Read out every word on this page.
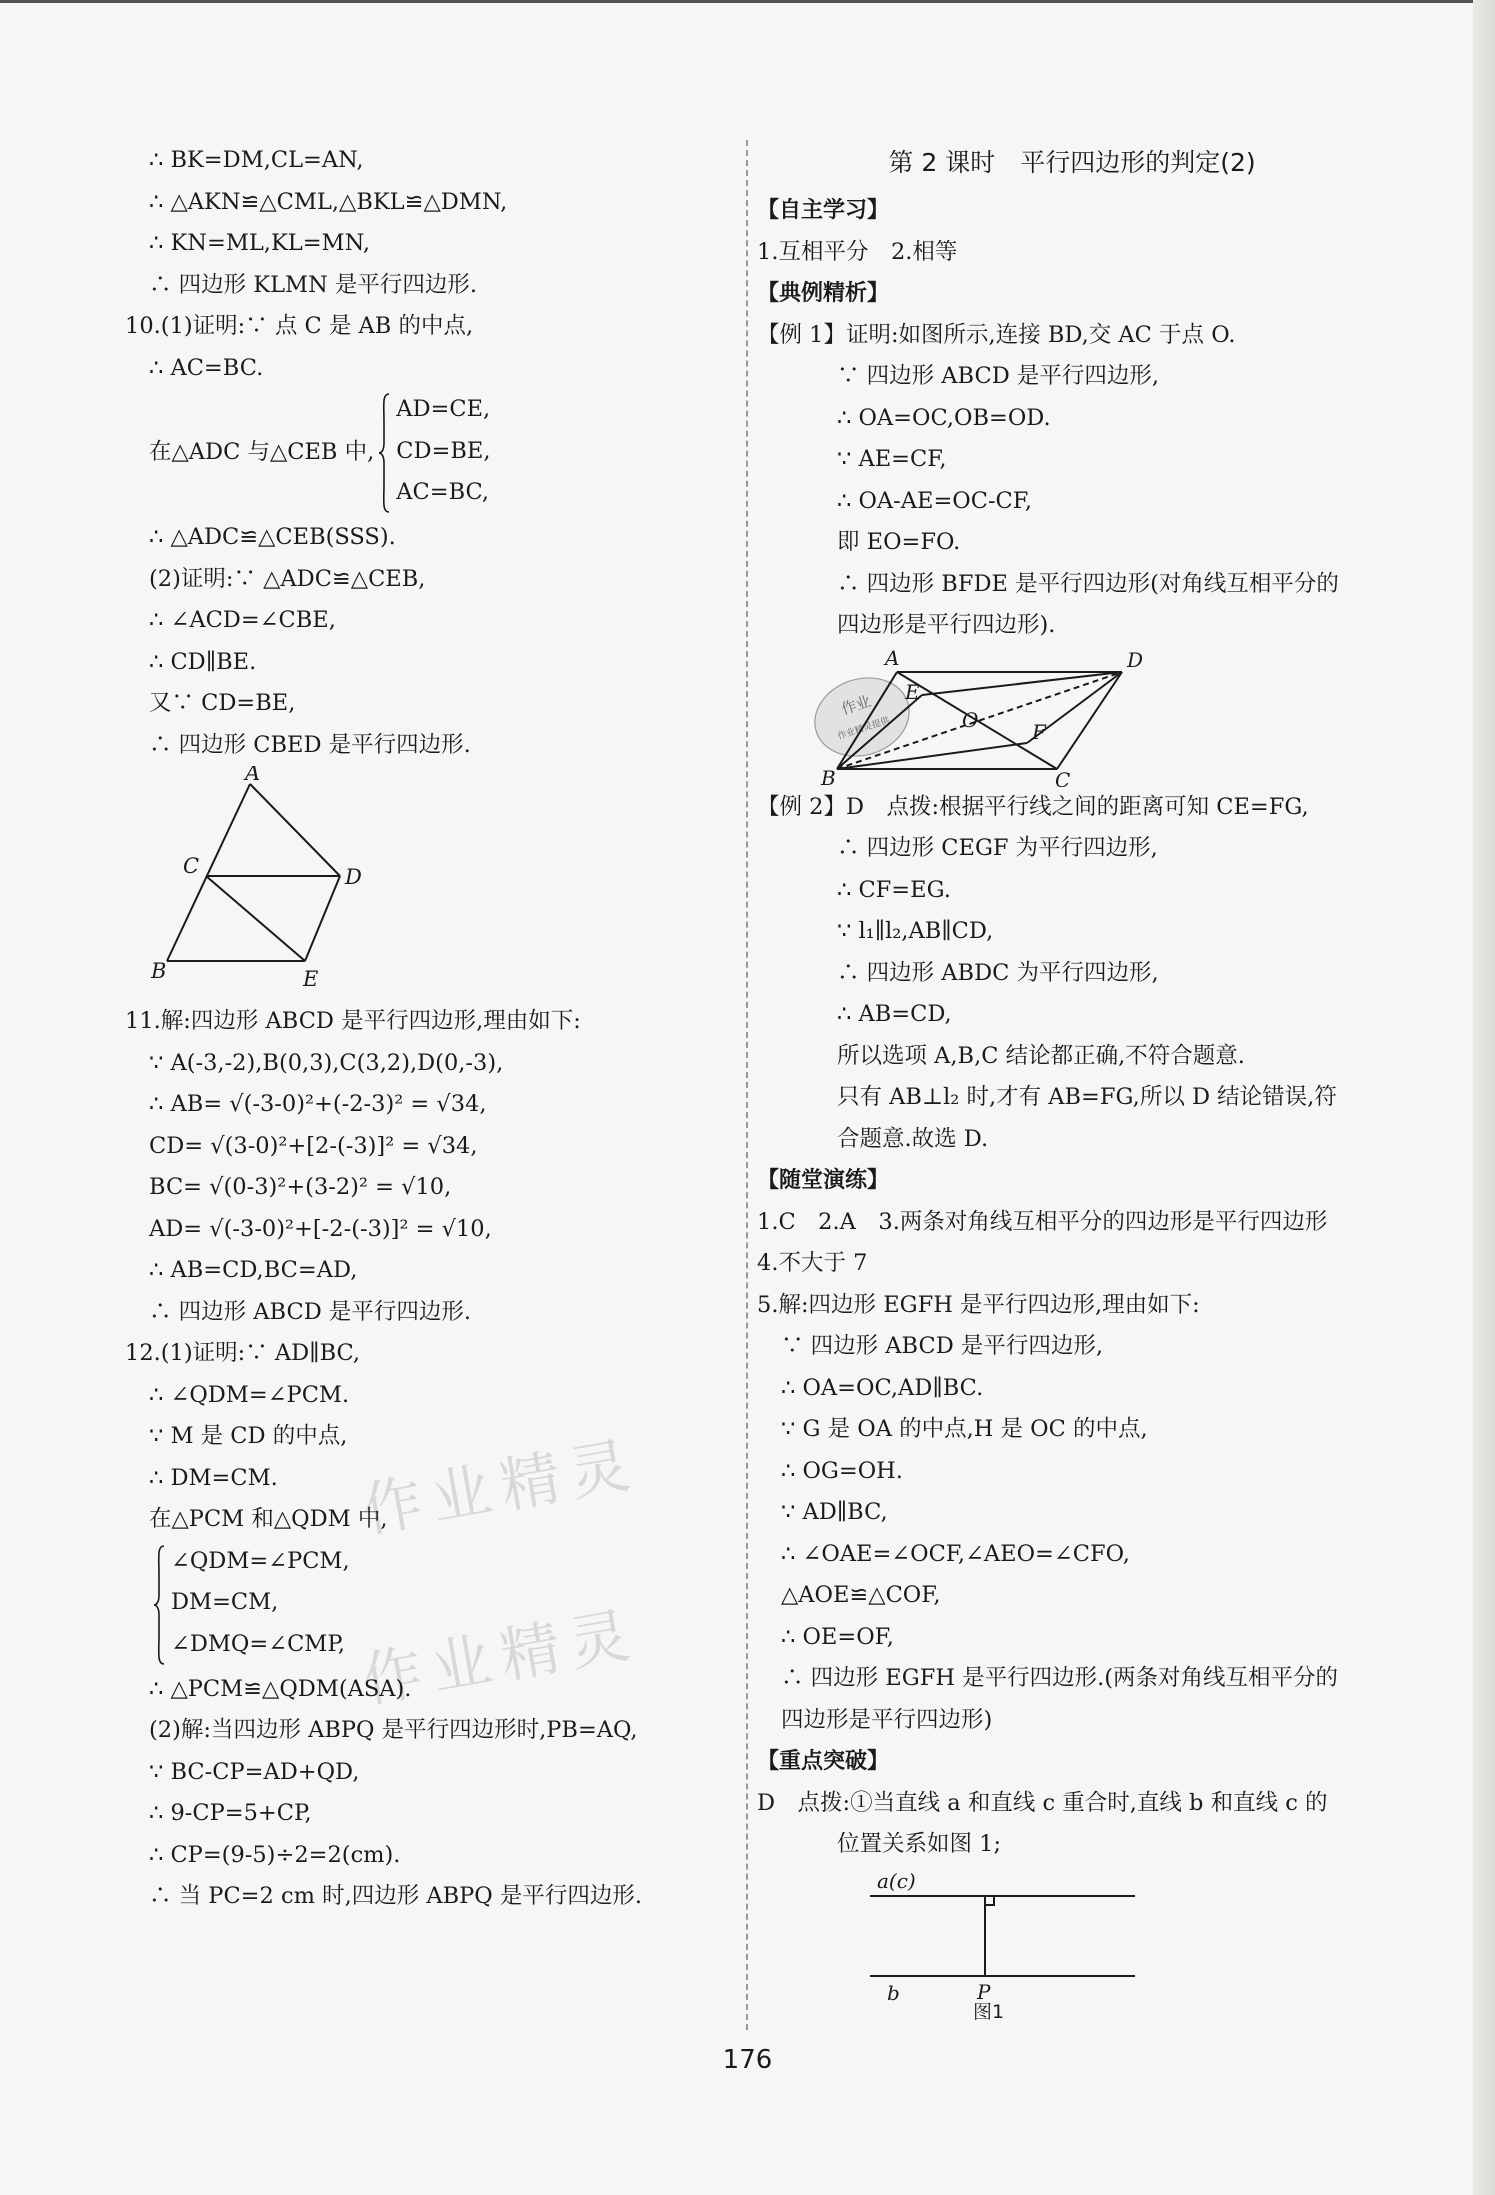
∴ BK=DM,CL=AN,
∴ △AKN≌△CML,△BKL≌△DMN,
∴ KN=ML,KL=MN,
∴ 四边形 KLMN 是平行四边形.
10.(1)证明:∵ 点 C 是 AB 的中点,
∴ AC=BC.
在△ADC 与△CEB 中,
AD=CE,
CD=BE,
AC=BC,
∴ △ADC≌△CEB(SSS).
(2)证明:∵ △ADC≌△CEB,
∴ ∠ACD=∠CBE,
∴ CD∥BE.
又∵ CD=BE,
∴ 四边形 CBED 是平行四边形.
A
C	D
B	E
11.解:四边形 ABCD 是平行四边形,理由如下:
∵ A(-3,-2),B(0,3),C(3,2),D(0,-3),
∴ AB= √(-3-0)²+(-2-3)² = √34,
CD= √(3-0)²+[2-(-3)]² = √34,
BC= √(0-3)²+(3-2)² = √10,
AD= √(-3-0)²+[-2-(-3)]² = √10,
∴ AB=CD,BC=AD,
∴ 四边形 ABCD 是平行四边形.
12.(1)证明:∵ AD∥BC,
∴ ∠QDM=∠PCM.
∵ M 是 CD 的中点,
∴ DM=CM.
在△PCM 和△QDM 中,
∠QDM=∠PCM,
DM=CM,
∠DMQ=∠CMP,
∴ △PCM≌△QDM(ASA).
(2)解:当四边形 ABPQ 是平行四边形时,PB=AQ,
∵ BC-CP=AD+QD,
∴ 9-CP=5+CP,
∴ CP=(9-5)÷2=2(cm).
∴ 当 PC=2 cm 时,四边形 ABPQ 是平行四边形.
作业精灵
作业精灵
第 2 课时　平行四边形的判定(2)
【自主学习】
1.互相平分　2.相等
【典例精析】
【例 1】证明:如图所示,连接 BD,交 AC 于点 O.
∵ 四边形 ABCD 是平行四边形,
∴ OA=OC,OB=OD.
∵ AE=CF,
∴ OA-AE=OC-CF,
即 EO=FO.
∴ 四边形 BFDE 是平行四边形(对角线互相平分的
四边形是平行四边形).
作业
作业精灵提供
A	D
E
O	F
B	C
【例 2】D　点拨:根据平行线之间的距离可知 CE=FG,
∴ 四边形 CEGF 为平行四边形,
∴ CF=EG.
∵ l₁∥l₂,AB∥CD,
∴ 四边形 ABDC 为平行四边形,
∴ AB=CD,
所以选项 A,B,C 结论都正确,不符合题意.
只有 AB⊥l₂ 时,才有 AB=FG,所以 D 结论错误,符
合题意.故选 D.
【随堂演练】
1.C　2.A　3.两条对角线互相平分的四边形是平行四边形
4.不大于 7
5.解:四边形 EGFH 是平行四边形,理由如下:
∵ 四边形 ABCD 是平行四边形,
∴ OA=OC,AD∥BC.
∵ G 是 OA 的中点,H 是 OC 的中点,
∴ OG=OH.
∵ AD∥BC,
∴ ∠OAE=∠OCF,∠AEO=∠CFO,
△AOE≌△COF,
∴ OE=OF,
∴ 四边形 EGFH 是平行四边形.(两条对角线互相平分的
四边形是平行四边形)
【重点突破】
D　点拨:①当直线 a 和直线 c 重合时,直线 b 和直线 c 的
位置关系如图 1;
a(c)
b	P
图1
176
